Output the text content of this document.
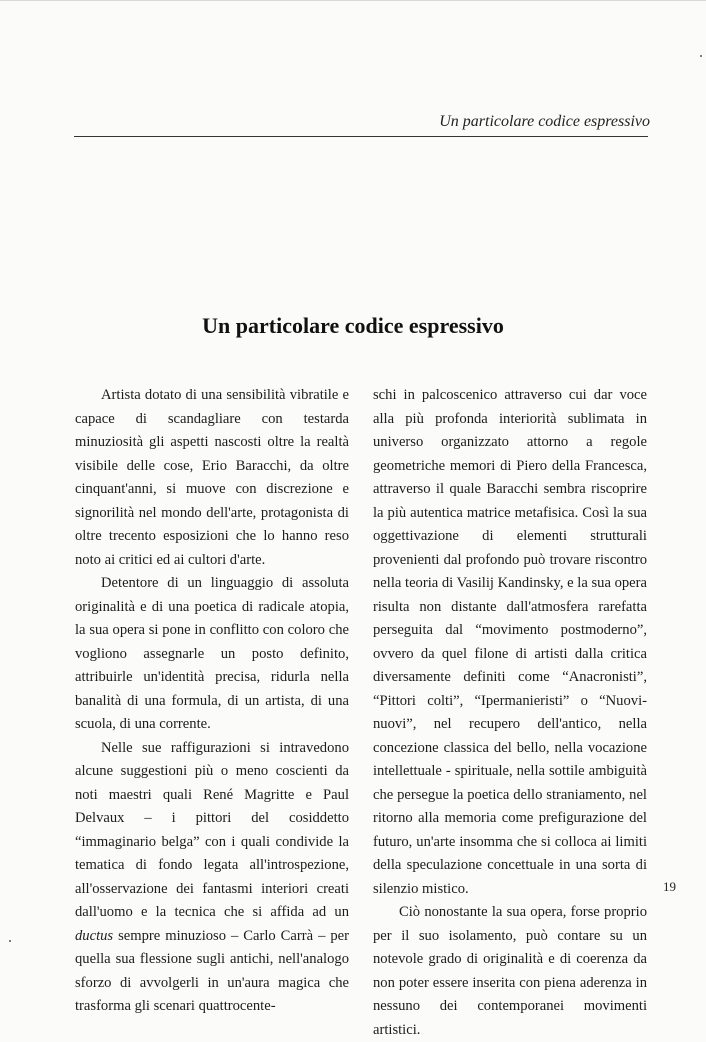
Un particolare codice espressivo
Un particolare codice espressivo

Artista dotato di una sensibilità vibratile e capace di scandagliare con testarda minuziosità gli aspetti nascosti oltre la realtà visibile delle cose, Erio Baracchi, da oltre cinquant'anni, si muove con discrezione e signorilità nel mondo dell'arte, protagonista di oltre trecento esposizioni che lo hanno reso noto ai critici ed ai cultori d'arte.

Detentore di un linguaggio di assoluta originalità e di una poetica di radicale atopia, la sua opera si pone in conflitto con coloro che vogliono assegnarle un posto definito, attribuirle un'identità precisa, ridurla nella banalità di una formula, di un artista, di una scuola, di una corrente.

Nelle sue raffigurazioni si intravedono alcune suggestioni più o meno coscienti da noti maestri quali René Magritte e Paul Delvaux – i pittori del cosiddetto “immaginario belga” con i quali condivide la tematica di fondo legata all'introspezione, all'osservazione dei fantasmi interiori creati dall'uomo e la tecnica che si affida ad un ductus sempre minuzioso – Carlo Carrà – per quella sua flessione sugli antichi, nell'analogo sforzo di avvolgerli in un'aura magica che trasforma gli scenari quattrocente-

schi in palcoscenico attraverso cui dar voce alla più profonda interiorità sublimata in universo organizzato attorno a regole geometriche memori di Piero della Francesca, attraverso il quale Baracchi sembra riscoprire la più autentica matrice metafisica. Così la sua oggettivazione di elementi strutturali provenienti dal profondo può trovare riscontro nella teoria di Vasilij Kandinsky, e la sua opera risulta non distante dall'atmosfera rarefatta perseguita dal “movimento postmoderno”, ovvero da quel filone di artisti dalla critica diversamente definiti come “Anacronisti”, “Pittori colti”, “Ipermanieristi” o “Nuovi-nuovi”, nel recupero dell'antico, nella concezione classica del bello, nella vocazione intellettuale - spirituale, nella sottile ambiguità che persegue la poetica dello straniamento, nel ritorno alla memoria come prefigurazione del futuro, un'arte insomma che si colloca ai limiti della speculazione concettuale in una sorta di silenzio mistico.

Ciò nonostante la sua opera, forse proprio per il suo isolamento, può contare su un notevole grado di originalità e di coerenza da non poter essere inserita con piena aderenza in nessuno dei contemporanei movimenti artistici.

19
